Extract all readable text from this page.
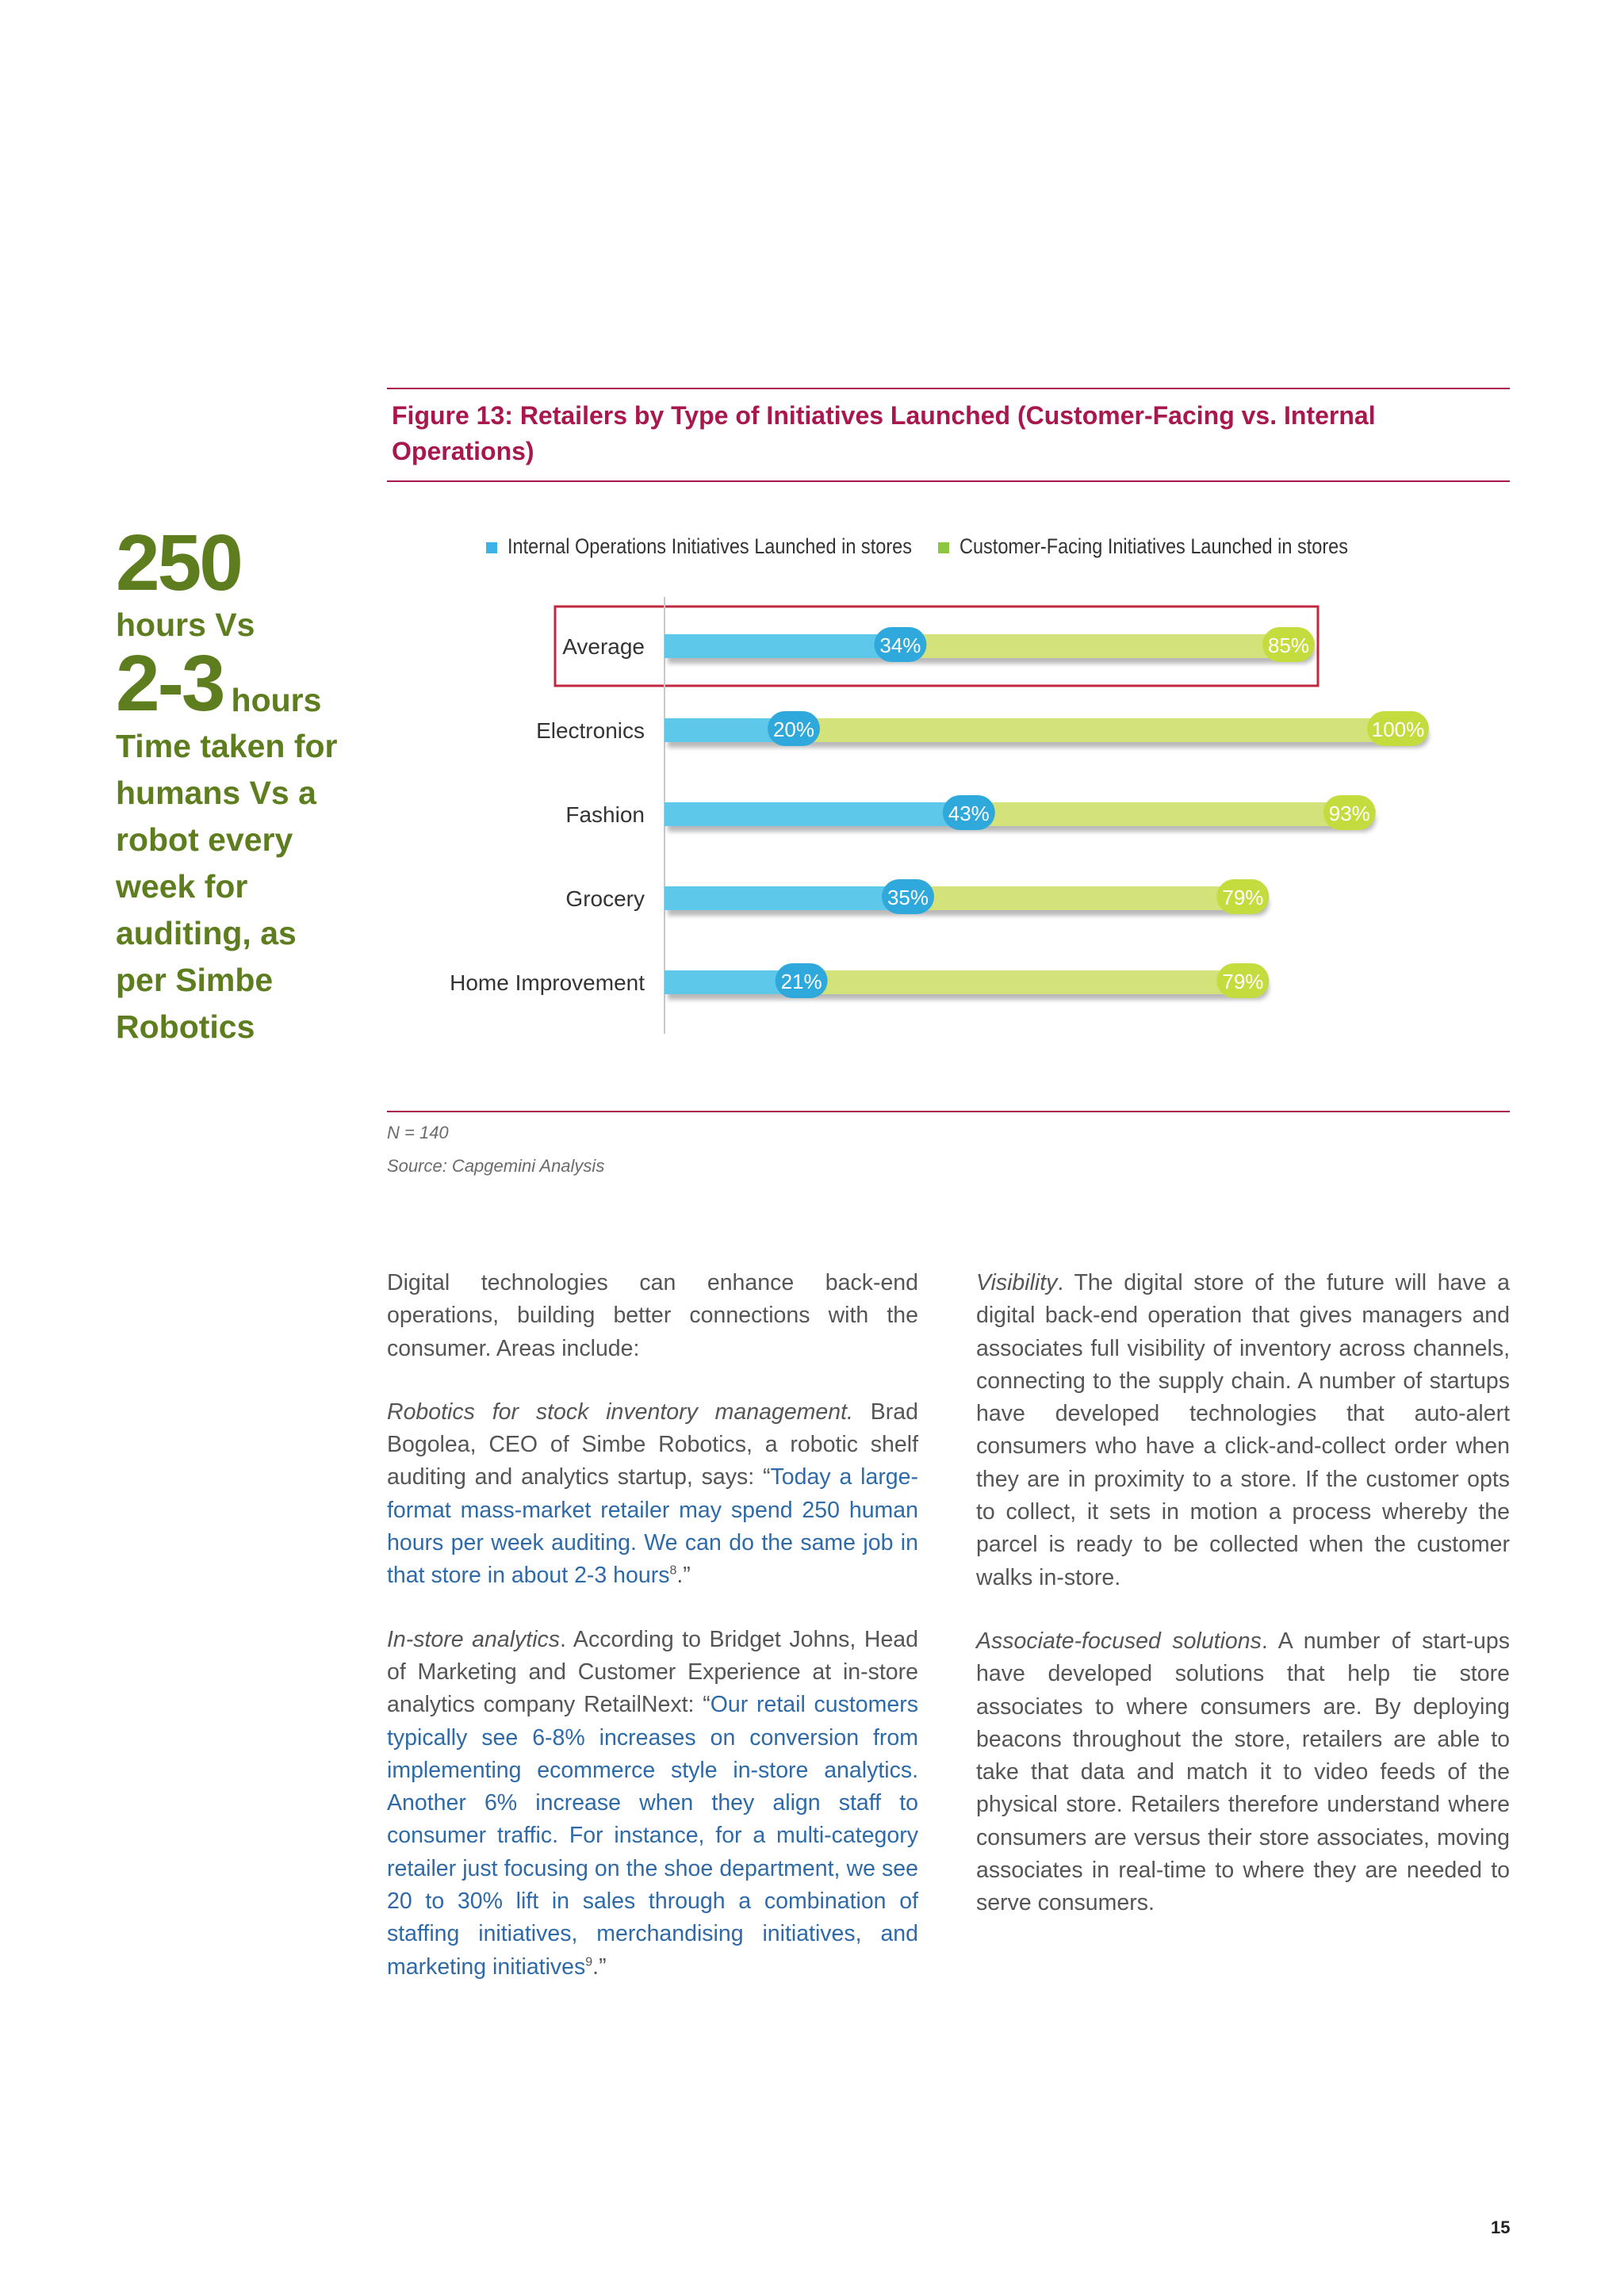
Figure 13: Retailers by Type of Initiatives Launched (Customer-Facing vs. Internal Operations)
250
hours Vs
2-3 hours
Time taken for humans Vs a robot every week for auditing, as per Simbe Robotics
Internal Operations Initiatives Launched in stores Customer-Facing Initiatives Launched in stores
Average	34%	85%
Electronics	20%	100%
Fashion	43%	93%
Grocery	35%	79%
Home Improvement	21%	79%
N = 140
Source: Capgemini Analysis

Digital technologies can enhance back-end operations, building better connections with the consumer. Areas include:

Robotics for stock inventory management. Brad Bogolea, CEO of Simbe Robotics, a robotic shelf auditing and analytics startup, says: “Today a large-format mass-market retailer may spend 250 human hours per week auditing. We can do the same job in that store in about 2-3 hours$^8$.”

In-store analytics. According to Bridget Johns, Head of Marketing and Customer Experience at in-store analytics company RetailNext: “Our retail customers typically see 6-8% increases on conversion from implementing ecommerce style in-store analytics. Another 6% increase when they align staff to consumer traffic. For instance, for a multi-category retailer just focusing on the shoe department, we see 20 to 30% lift in sales through a combination of staffing initiatives, merchandising initiatives, and marketing initiatives$^9$.”

Visibility. The digital store of the future will have a digital back-end operation that gives managers and associates full visibility of inventory across channels, connecting to the supply chain. A number of startups have developed technologies that auto-alert consumers who have a click-and-collect order when they are in proximity to a store. If the customer opts to collect, it sets in motion a process whereby the parcel is ready to be collected when the customer walks in-store.

Associate-focused solutions. A number of start-ups have developed solutions that help tie store associates to where consumers are. By deploying beacons throughout the store, retailers are able to take that data and match it to video feeds of the physical store. Retailers therefore understand where consumers are versus their store associates, moving associates in real-time to where they are needed to serve consumers.

15
